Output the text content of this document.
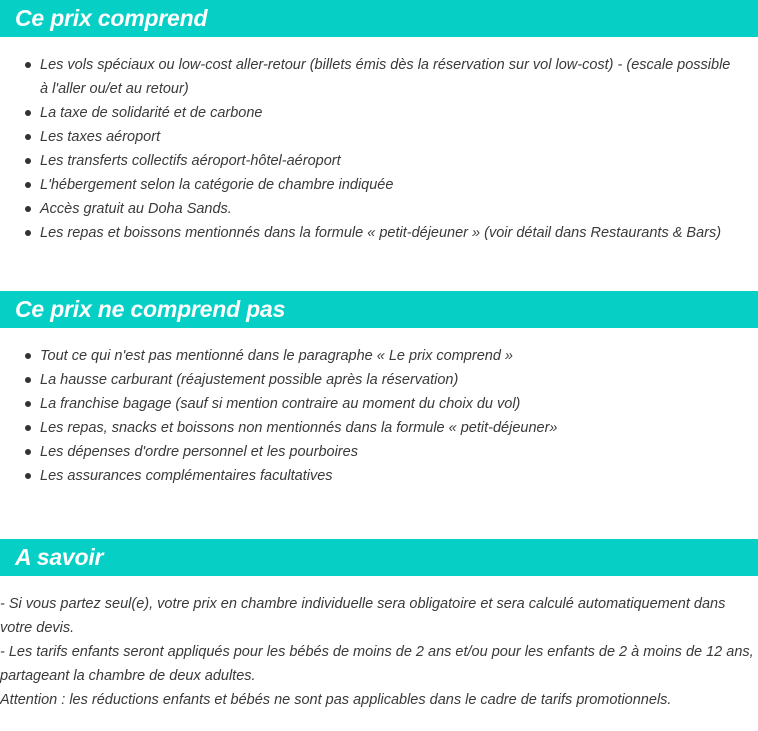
Ce prix comprend
Les vols spéciaux ou low-cost aller-retour (billets émis dès la réservation sur vol low-cost) - (escale possible à l'aller ou/et au retour)
La taxe de solidarité et de carbone
Les taxes aéroport
Les transferts collectifs aéroport-hôtel-aéroport
L'hébergement selon la catégorie de chambre indiquée
Accès gratuit au Doha Sands.
Les repas et boissons mentionnés dans la formule « petit-déjeuner » (voir détail dans Restaurants & Bars)
Ce prix ne comprend pas
Tout ce qui n'est pas mentionné dans le paragraphe « Le prix comprend »
La hausse carburant (réajustement possible après la réservation)
La franchise bagage (sauf si mention contraire au moment du choix du vol)
Les repas, snacks et boissons non mentionnés dans la formule « petit-déjeuner»
Les dépenses d'ordre personnel et les pourboires
Les assurances complémentaires facultatives
A savoir

- Si vous partez seul(e), votre prix en chambre individuelle sera obligatoire et sera calculé automatiquement dans votre devis.

- Les tarifs enfants seront appliqués pour les bébés de moins de 2 ans et/ou pour les enfants de 2 à moins de 12 ans, partageant la chambre de deux adultes.

Attention : les réductions enfants et bébés ne sont pas applicables dans le cadre de tarifs promotionnels.
